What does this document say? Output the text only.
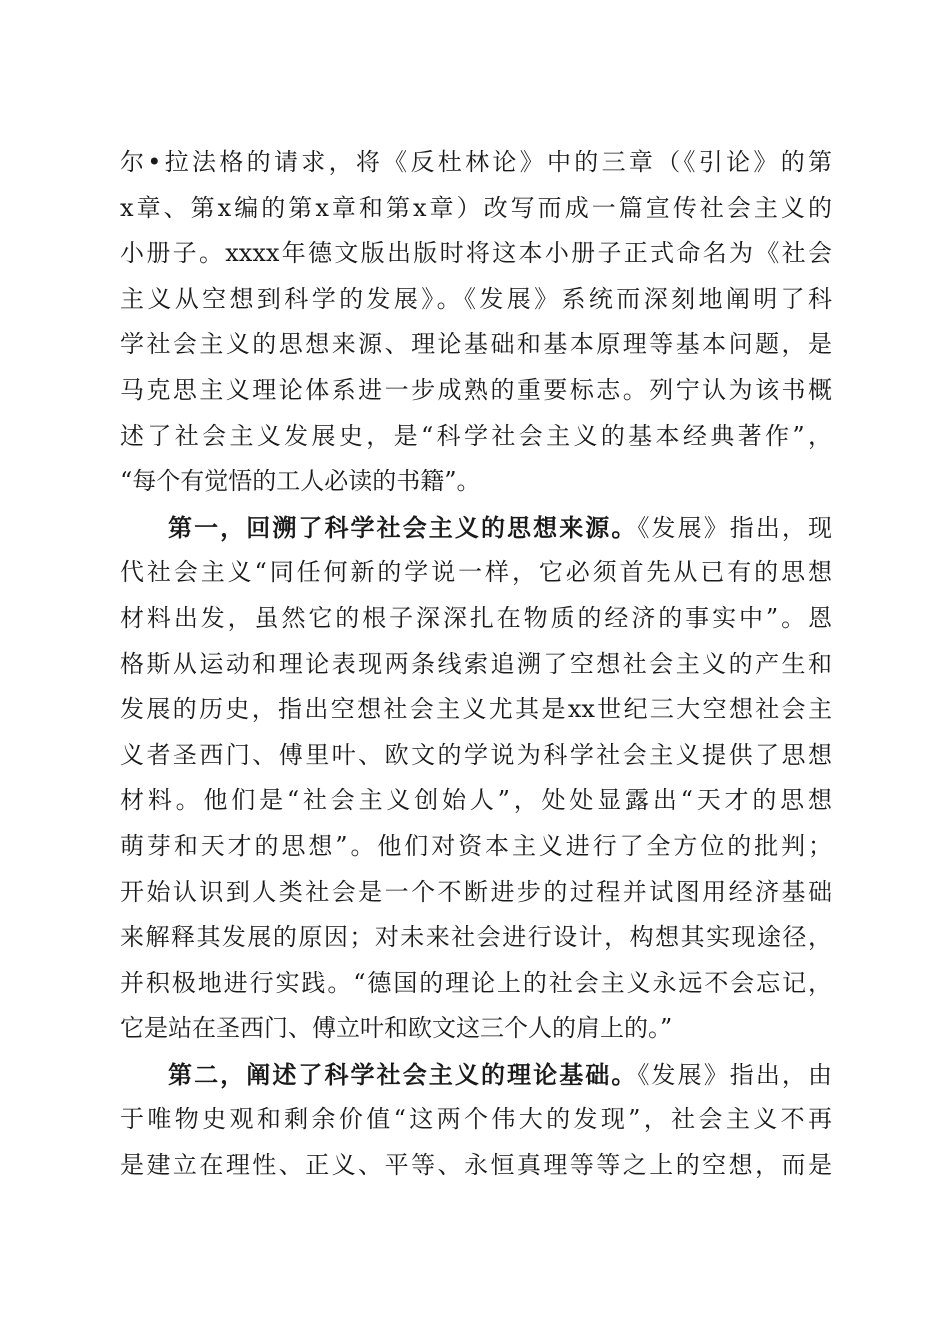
尔•拉法格的请求，将《反杜林论》中的三章（《引论》的第
x章、第x编的第x章和第x章）改写而成一篇宣传社会主义的
小册子。xxxx年德文版出版时将这本小册子正式命名为《社会
主义从空想到科学的发展》。《发展》系统而深刻地阐明了科
学社会主义的思想来源、理论基础和基本原理等基本问题，是
马克思主义理论体系进一步成熟的重要标志。列宁认为该书概
述了社会主义发展史，是“科学社会主义的基本经典著作”，
“每个有觉悟的工人必读的书籍”。
第一，回溯了科学社会主义的思想来源。《发展》指出，现
代社会主义“同任何新的学说一样，它必须首先从已有的思想
材料出发，虽然它的根子深深扎在物质的经济的事实中”。恩
格斯从运动和理论表现两条线索追溯了空想社会主义的产生和
发展的历史，指出空想社会主义尤其是xx世纪三大空想社会主
义者圣西门、傅里叶、欧文的学说为科学社会主义提供了思想
材料。他们是“社会主义创始人”，处处显露出“天才的思想
萌芽和天才的思想”。他们对资本主义进行了全方位的批判；
开始认识到人类社会是一个不断进步的过程并试图用经济基础
来解释其发展的原因；对未来社会进行设计，构想其实现途径，
并积极地进行实践。“德国的理论上的社会主义永远不会忘记，
它是站在圣西门、傅立叶和欧文这三个人的肩上的。”
第二，阐述了科学社会主义的理论基础。《发展》指出，由
于唯物史观和剩余价值“这两个伟大的发现”，社会主义不再
是建立在理性、正义、平等、永恒真理等等之上的空想，而是
